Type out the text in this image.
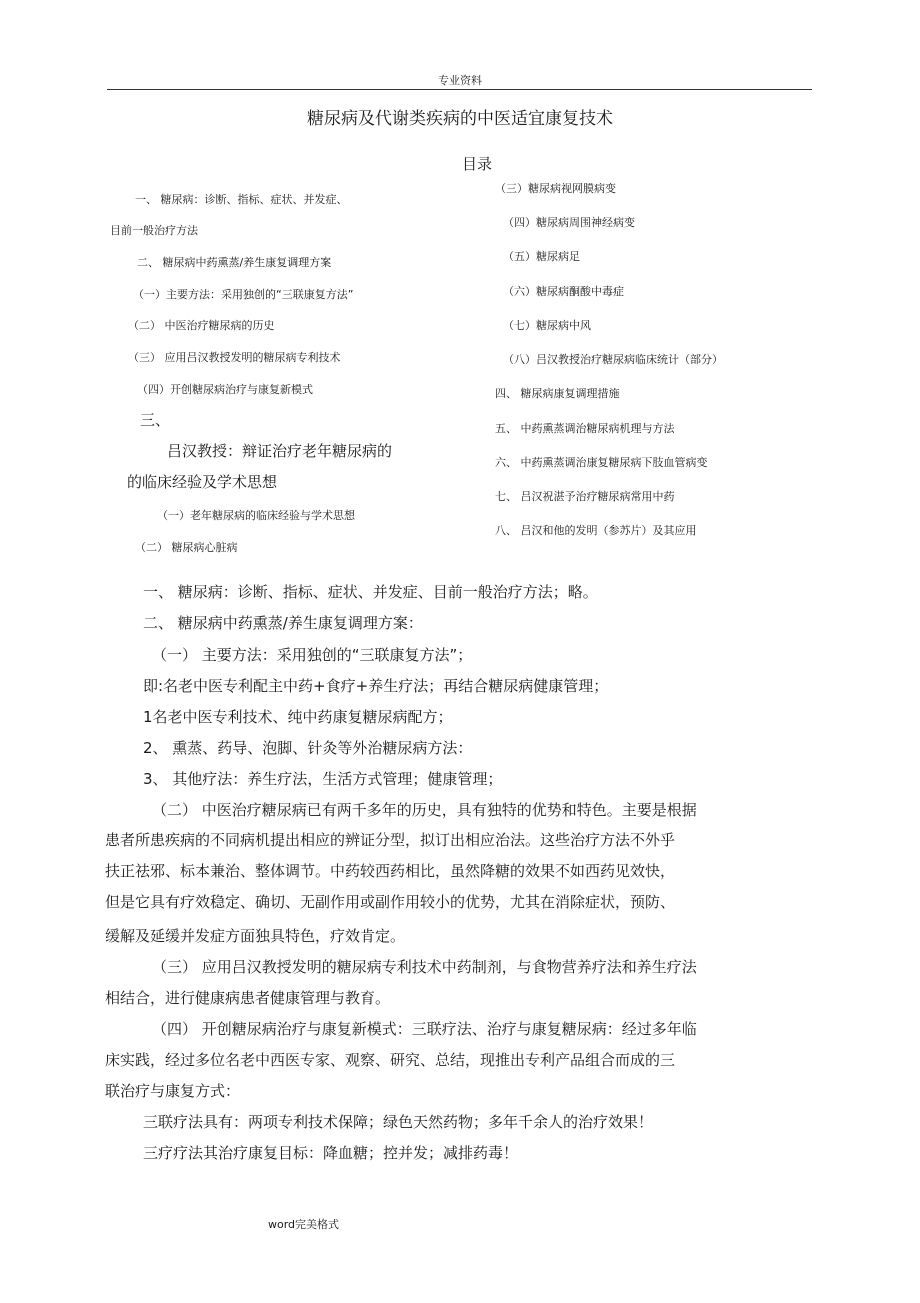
专业资料
糖尿病及代谢类疾病的中医适宜康复技术
目录
一、 糖尿病：诊断、指标、症状、并发症、
目前一般治疗方法
二、 糖尿病中药熏蒸/养生康复调理方案
（一）主要方法：采用独创的“三联康复方法”
（二） 中医治疗糖尿病的历史
（三） 应用吕汉教授发明的糖尿病专利技术
（四）开创糖尿病治疗与康复新模式
三、
吕汉教授：辩证治疗老年糖尿病的
的临床经验及学术思想
（一）老年糖尿病的临床经验与学术思想
（二） 糖尿病心脏病
（三）糖尿病视网膜病变
（四）糖尿病周围神经病变
（五）糖尿病足
（六）糖尿病酮酸中毒症
（七）糖尿病中风
（八）吕汉教授治疗糖尿病临床统计（部分）
四、 糖尿病康复调理措施
五、 中药熏蒸调治糖尿病机理与方法
六、 中药熏蒸调治康复糖尿病下肢血管病变
七、 吕汉祝湛予治疗糖尿病常用中药
八、 吕汉和他的发明（参苏片）及其应用
一、 糖尿病：诊断、指标、症状、并发症、目前一般治疗方法；略。
二、 糖尿病中药熏蒸/养生康复调理方案：
（一） 主要方法：采用独创的“三联康复方法”；
即:名老中医专利配主中药+食疗+养生疗法；再结合糖尿病健康管理；
1名老中医专利技术、纯中药康复糖尿病配方；
2、 熏蒸、药导、泡脚、针灸等外治糖尿病方法：
3、 其他疗法：养生疗法，生活方式管理；健康管理；
（二） 中医治疗糖尿病已有两千多年的历史，具有独特的优势和特色。主要是根据
患者所患疾病的不同病机提出相应的辨证分型，拟订出相应治法。这些治疗方法不外乎
扶正祛邪、标本兼治、整体调节。中药较西药相比，虽然降糖的效果不如西药见效快，
但是它具有疗效稳定、确切、无副作用或副作用较小的优势，尤其在消除症状，预防、
缓解及延缓并发症方面独具特色，疗效肯定。
（三） 应用吕汉教授发明的糖尿病专利技术中药制剂，与食物营养疗法和养生疗法
相结合，进行健康病患者健康管理与教育。
（四） 开创糖尿病治疗与康复新模式：三联疗法、治疗与康复糖尿病：经过多年临
床实践，经过多位名老中西医专家、观察、研究、总结，现推出专利产品组合而成的三
联治疗与康复方式：
三联疗法具有：两项专利技术保障；绿色天然药物；多年千余人的治疗效果！
三疗疗法其治疗康复目标：降血糖；控并发；减排药毒！
word完美格式
